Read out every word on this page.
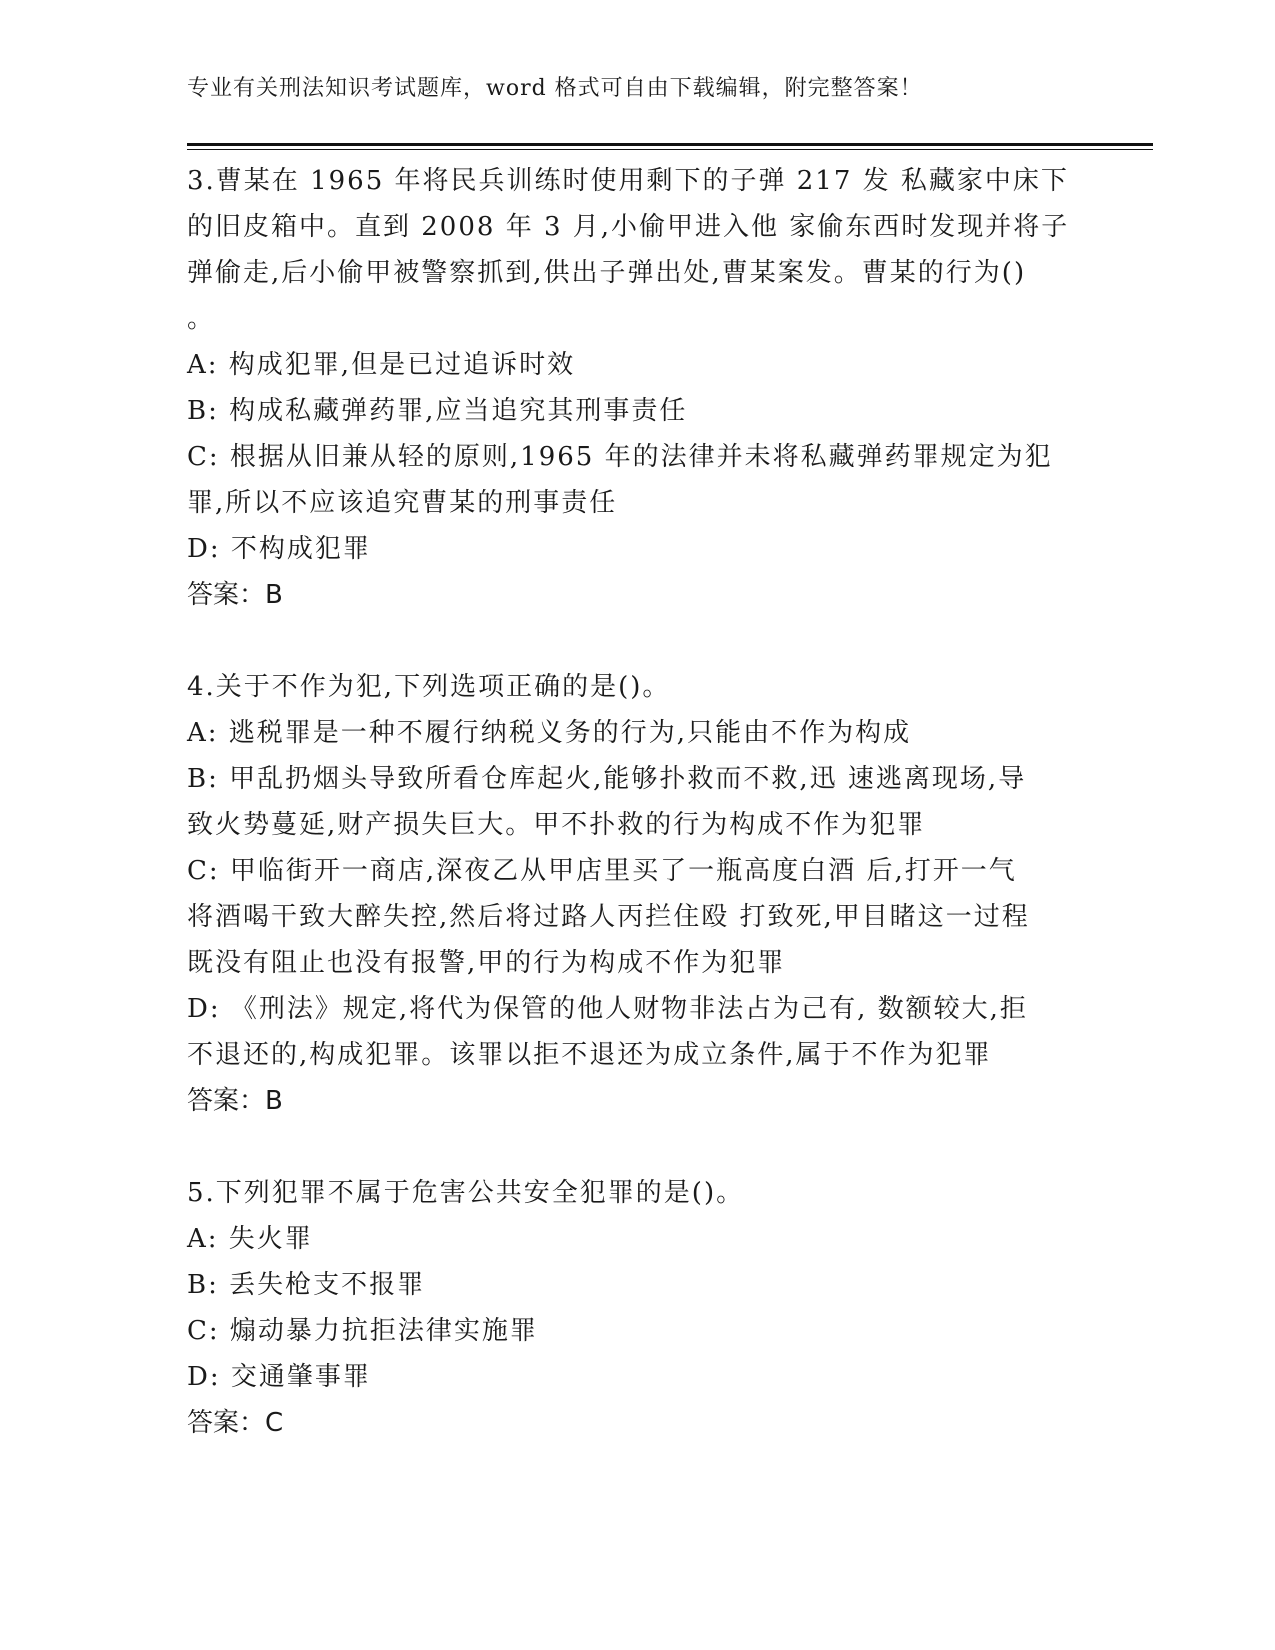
专业有关刑法知识考试题库，word 格式可自由下载编辑，附完整答案！
3.曹某在 1965 年将民兵训练时使用剩下的子弹 217 发 私藏家中床下
的旧皮箱中。直到 2008 年 3 月,小偷甲进入他 家偷东西时发现并将子
弹偷走,后小偷甲被警察抓到,供出子弹出处,曹某案发。曹某的行为()
。
A: 构成犯罪,但是已过追诉时效
B: 构成私藏弹药罪,应当追究其刑事责任
C: 根据从旧兼从轻的原则,1965 年的法律并未将私藏弹药罪规定为犯
罪,所以不应该追究曹某的刑事责任
D: 不构成犯罪
答案：B
4.关于不作为犯,下列选项正确的是()。
A: 逃税罪是一种不履行纳税义务的行为,只能由不作为构成
B: 甲乱扔烟头导致所看仓库起火,能够扑救而不救,迅 速逃离现场,导
致火势蔓延,财产损失巨大。甲不扑救的行为构成不作为犯罪
C: 甲临街开一商店,深夜乙从甲店里买了一瓶高度白酒 后,打开一气
将酒喝干致大醉失控,然后将过路人丙拦住殴 打致死,甲目睹这一过程
既没有阻止也没有报警,甲的行为构成不作为犯罪
D: 《刑法》规定,将代为保管的他人财物非法占为己有, 数额较大,拒
不退还的,构成犯罪。该罪以拒不退还为成立条件,属于不作为犯罪
答案：B
5.下列犯罪不属于危害公共安全犯罪的是()。
A: 失火罪
B: 丢失枪支不报罪
C: 煽动暴力抗拒法律实施罪
D: 交通肇事罪
答案：C
